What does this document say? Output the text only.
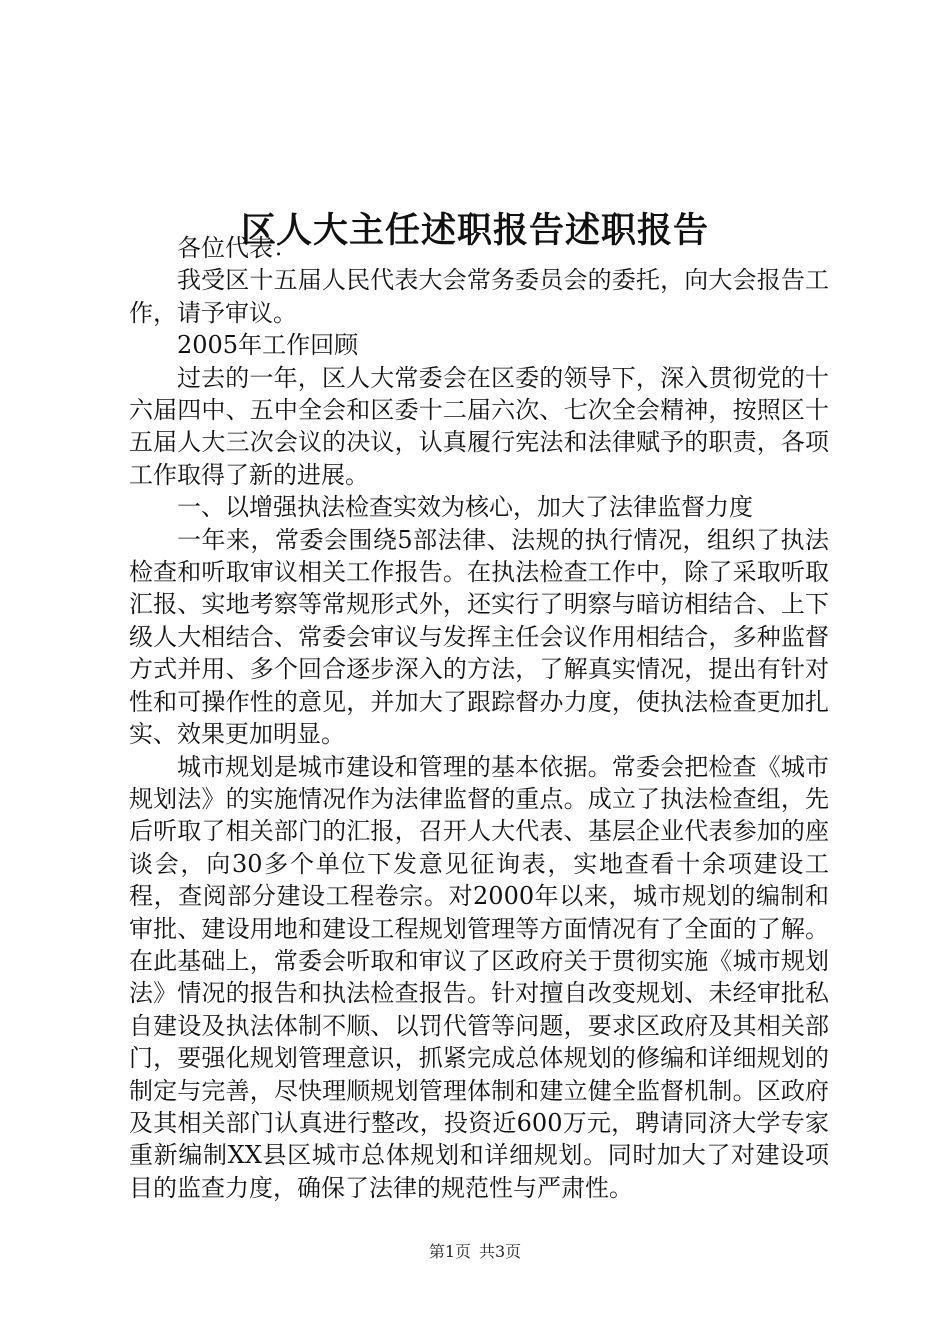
区人大主任述职报告述职报告

各位代表：

我受区十五届人民代表大会常务委员会的委托，向大会报告工作，请予审议。

2005年工作回顾

过去的一年，区人大常委会在区委的领导下，深入贯彻党的十六届四中、五中全会和区委十二届六次、七次全会精神，按照区十五届人大三次会议的决议，认真履行宪法和法律赋予的职责，各项工作取得了新的进展。

一、以增强执法检查实效为核心，加大了法律监督力度

一年来，常委会围绕5部法律、法规的执行情况，组织了执法检查和听取审议相关工作报告。在执法检查工作中，除了采取听取汇报、实地考察等常规形式外，还实行了明察与暗访相结合、上下级人大相结合、常委会审议与发挥主任会议作用相结合，多种监督方式并用、多个回合逐步深入的方法，了解真实情况，提出有针对性和可操作性的意见，并加大了跟踪督办力度，使执法检查更加扎实、效果更加明显。

城市规划是城市建设和管理的基本依据。常委会把检查《城市规划法》的实施情况作为法律监督的重点。成立了执法检查组，先后听取了相关部门的汇报，召开人大代表、基层企业代表参加的座谈会，向30多个单位下发意见征询表，实地查看十余项建设工程，查阅部分建设工程卷宗。对2000年以来，城市规划的编制和审批、建设用地和建设工程规划管理等方面情况有了全面的了解。在此基础上，常委会听取和审议了区政府关于贯彻实施《城市规划法》情况的报告和执法检查报告。针对擅自改变规划、未经审批私自建设及执法体制不顺、以罚代管等问题，要求区政府及其相关部门，要强化规划管理意识，抓紧完成总体规划的修编和详细规划的制定与完善，尽快理顺规划管理体制和建立健全监督机制。区政府及其相关部门认真进行整改，投资近600万元，聘请同济大学专家重新编制XX县区城市总体规划和详细规划。同时加大了对建设项目的监查力度，确保了法律的规范性与严肃性。

第1页 共3页
